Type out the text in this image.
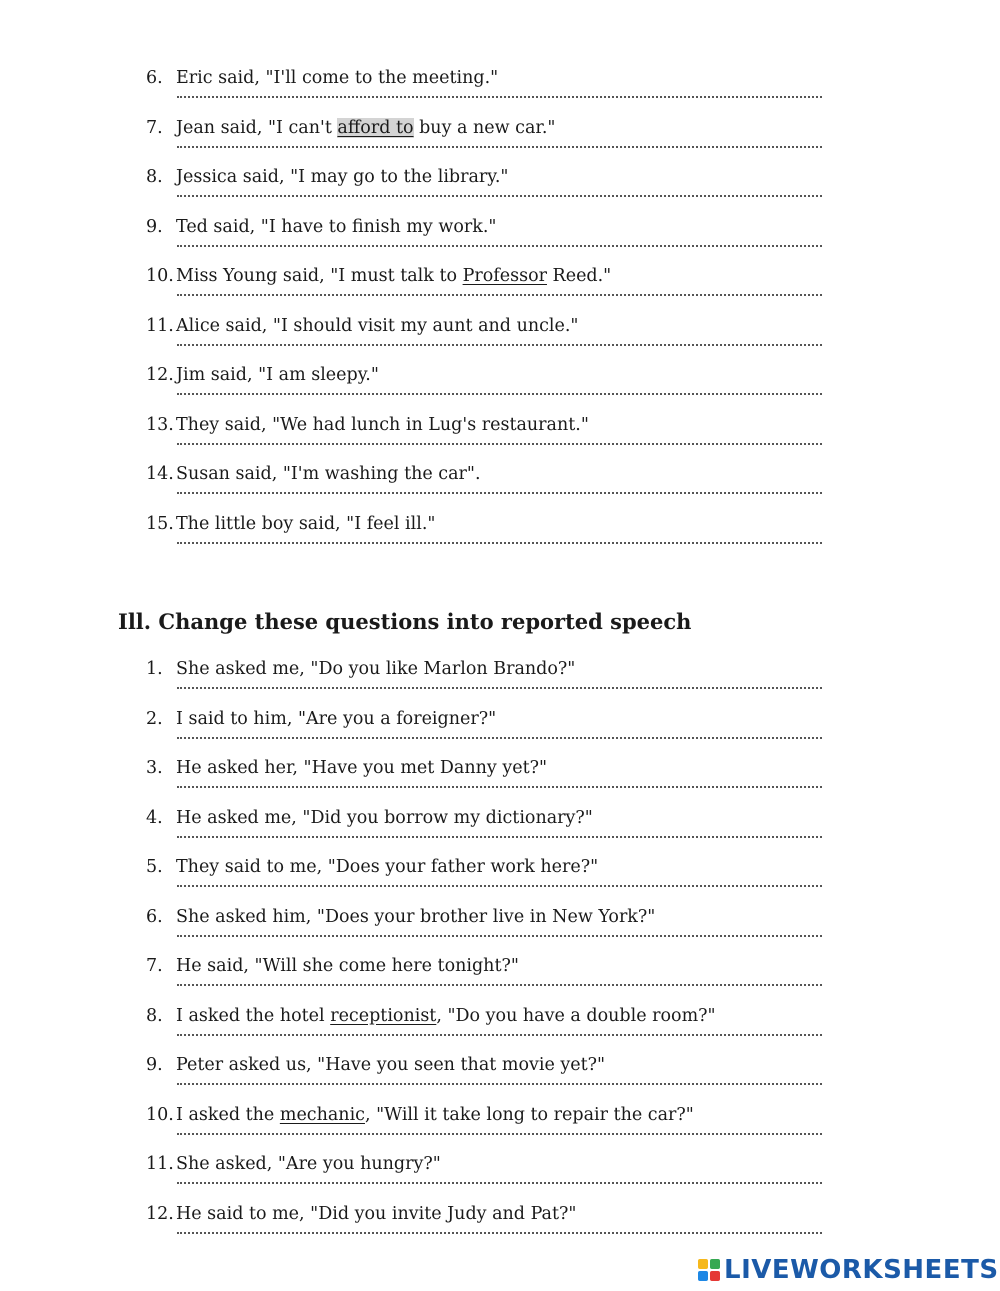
6. Eric said, "I'll come to the meeting."
7. Jean said, "I can't afford to buy a new car."
8. Jessica said, "I may go to the library."
9. Ted said, "I have to finish my work."
10. Miss Young said, "I must talk to Professor Reed."
11. Alice said, "I should visit my aunt and uncle."
12. Jim said, "I am sleepy."
13. They said, "We had lunch in Lug's restaurant."
14. Susan said, "I'm washing the car".
15. The little boy said, "I feel ill."
Ill. Change these questions into reported speech
1. She asked me, "Do you like Marlon Brando?"
2. I said to him, "Are you a foreigner?"
3. He asked her, "Have you met Danny yet?"
4. He asked me, "Did you borrow my dictionary?"
5. They said to me, "Does your father work here?"
6. She asked him, "Does your brother live in New York?"
7. He said, "Will she come here tonight?"
8. I asked the hotel receptionist, "Do you have a double room?"
9. Peter asked us, "Have you seen that movie yet?"
10. I asked the mechanic, "Will it take long to repair the car?"
11. She asked, "Are you hungry?"
12. He said to me, "Did you invite Judy and Pat?"
LIVEWORKSHEETS
